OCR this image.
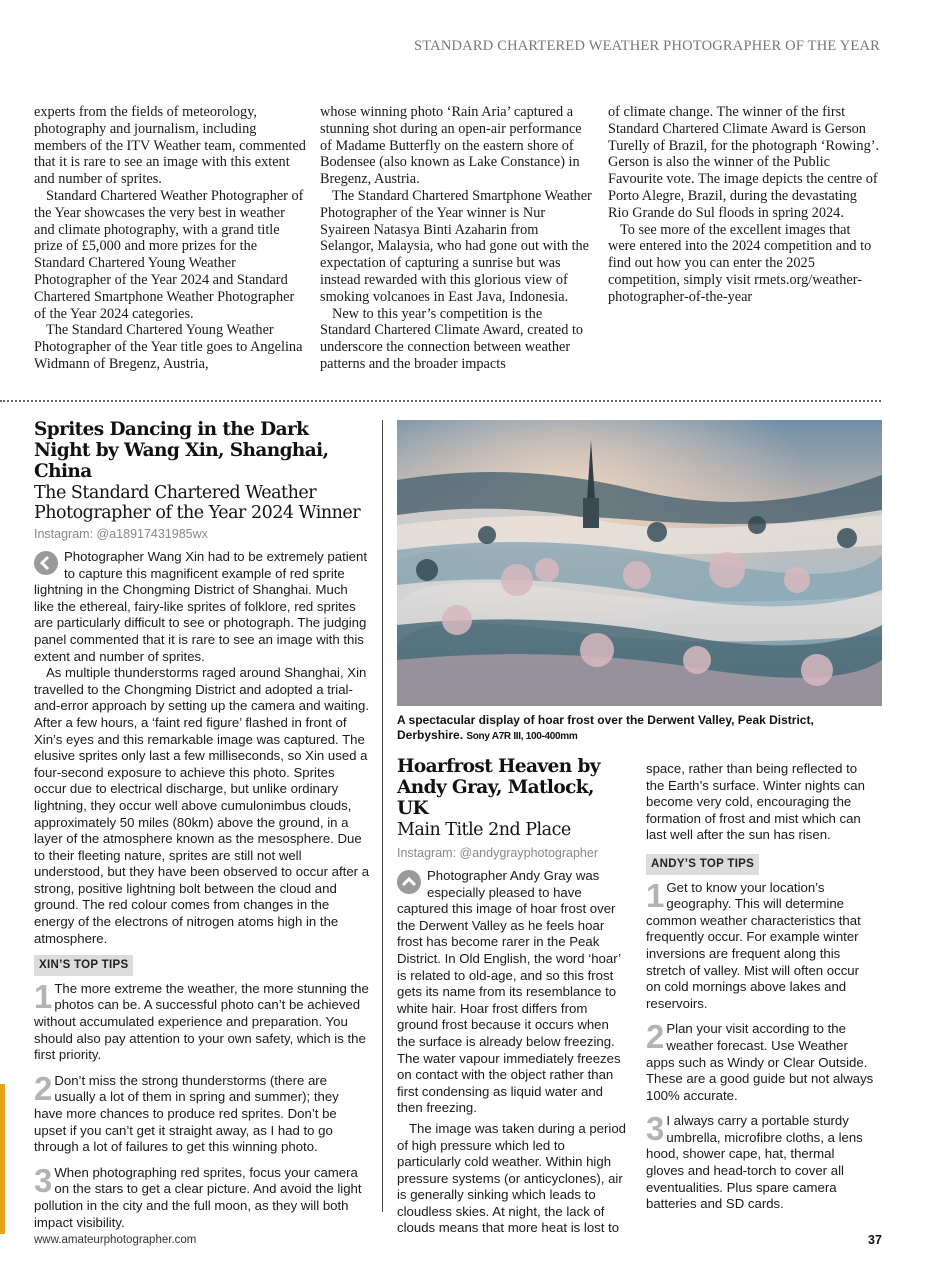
STANDARD CHARTERED WEATHER PHOTOGRAPHER OF THE YEAR

experts from the fields of meteorology, photography and journalism, including members of the ITV Weather team, commented that it is rare to see an image with this extent and number of sprites.

Standard Chartered Weather Photographer of the Year showcases the very best in weather and climate photography, with a grand title prize of £5,000 and more prizes for the Standard Chartered Young Weather Photographer of the Year 2024 and Standard Chartered Smartphone Weather Photographer of the Year 2024 categories.

The Standard Chartered Young Weather Photographer of the Year title goes to Angelina Widmann of Bregenz, Austria,

whose winning photo ‘Rain Aria’ captured a stunning shot during an open-air performance of Madame Butterfly on the eastern shore of Bodensee (also known as Lake Constance) in Bregenz, Austria.

The Standard Chartered Smartphone Weather Photographer of the Year winner is Nur Syaireen Natasya Binti Azaharin from Selangor, Malaysia, who had gone out with the expectation of capturing a sunrise but was instead rewarded with this glorious view of smoking volcanoes in East Java, Indonesia.

New to this year’s competition is the Standard Chartered Climate Award, created to underscore the connection between weather patterns and the broader impacts

of climate change. The winner of the first Standard Chartered Climate Award is Gerson Turelly of Brazil, for the photograph ‘Rowing’. Gerson is also the winner of the Public Favourite vote. The image depicts the centre of Porto Alegre, Brazil, during the devastating Rio Grande do Sul floods in spring 2024.

To see more of the excellent images that were entered into the 2024 competition and to find out how you can enter the 2025 competition, simply visit rmets.org/weather-photographer-of-the-year

Sprites Dancing in the Dark Night by Wang Xin, Shanghai, China
The Standard Chartered Weather Photographer of the Year 2024 Winner
Instagram: @a18917431985wx

Photographer Wang Xin had to be extremely patient to capture this magnificent example of red sprite lightning in the Chongming District of Shanghai. Much like the ethereal, fairy-like sprites of folklore, red sprites are particularly difficult to see or photograph. The judging panel commented that it is rare to see an image with this extent and number of sprites.

As multiple thunderstorms raged around Shanghai, Xin travelled to the Chongming District and adopted a trial-and-error approach by setting up the camera and waiting. After a few hours, a ‘faint red figure’ flashed in front of Xin’s eyes and this remarkable image was captured. The elusive sprites only last a few milliseconds, so Xin used a four-second exposure to achieve this photo. Sprites occur due to electrical discharge, but unlike ordinary lightning, they occur well above cumulonimbus clouds, approximately 50 miles (80km) above the ground, in a layer of the atmosphere known as the mesosphere. Due to their fleeting nature, sprites are still not well understood, but they have been observed to occur after a strong, positive lightning bolt between the cloud and ground. The red colour comes from changes in the energy of the electrons of nitrogen atoms high in the atmosphere.

XIN’S TOP TIPS
1 The more extreme the weather, the more stunning the photos can be. A successful photo can’t be achieved without accumulated experience and preparation. You should also pay attention to your own safety, which is the first priority.
2 Don’t miss the strong thunderstorms (there are usually a lot of them in spring and summer); they have more chances to produce red sprites. Don’t be upset if you can’t get it straight away, as I had to go through a lot of failures to get this winning photo.
3 When photographing red sprites, focus your camera on the stars to get a clear picture. And avoid the light pollution in the city and the full moon, as they will both impact visibility.
A spectacular display of hoar frost over the Derwent Valley, Peak District, Derbyshire. Sony A7R III, 100-400mm
Hoarfrost Heaven by Andy Gray, Matlock, UK
Main Title 2nd Place
Instagram: @andygrayphotographer

Photographer Andy Gray was especially pleased to have captured this image of hoar frost over the Derwent Valley as he feels hoar frost has become rarer in the Peak District. In Old English, the word ‘hoar’ is related to old-age, and so this frost gets its name from its resemblance to white hair. Hoar frost differs from ground frost because it occurs when the surface is already below freezing. The water vapour immediately freezes on contact with the object rather than first condensing as liquid water and then freezing.

The image was taken during a period of high pressure which led to particularly cold weather. Within high pressure systems (or anticyclones), air is generally sinking which leads to cloudless skies. At night, the lack of clouds means that more heat is lost to

space, rather than being reflected to the Earth’s surface. Winter nights can become very cold, encouraging the formation of frost and mist which can last well after the sun has risen.

ANDY’S TOP TIPS
1 Get to know your location’s geography. This will determine common weather characteristics that frequently occur. For example winter inversions are frequent along this stretch of valley. Mist will often occur on cold mornings above lakes and reservoirs.
2 Plan your visit according to the weather forecast. Use Weather apps such as Windy or Clear Outside. These are a good guide but not always 100% accurate.
3 I always carry a portable sturdy umbrella, microfibre cloths, a lens hood, shower cape, hat, thermal gloves and head-torch to cover all eventualities. Plus spare camera batteries and SD cards.
www.amateurphotographer.com	37
